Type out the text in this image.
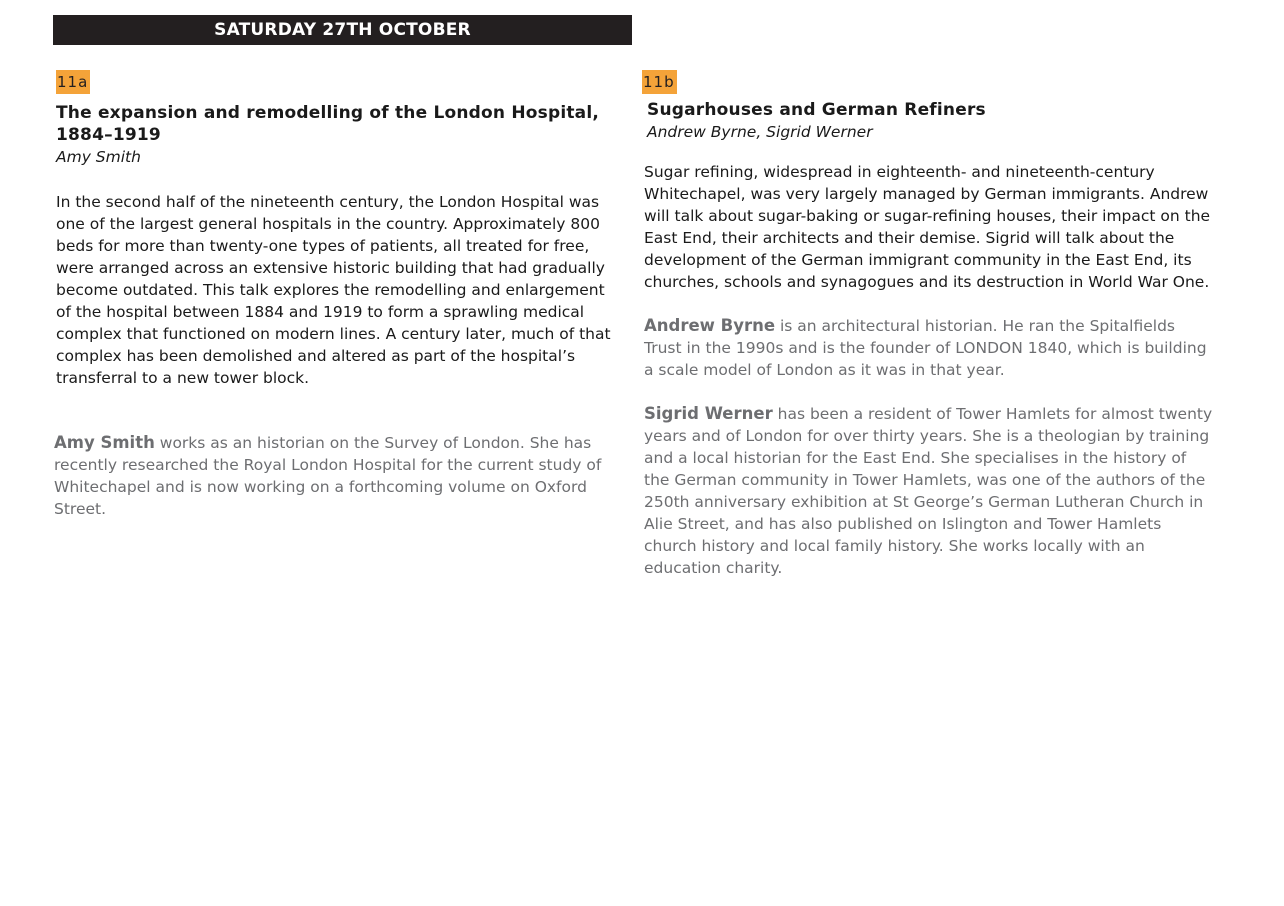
SATURDAY 27TH OCTOBER
11a
The expansion and remodelling of the London Hospital, 1884–1919

Amy Smith

In the second half of the nineteenth century, the London Hospital was one of the largest general hospitals in the country. Approximately 800 beds for more than twenty-one types of patients, all treated for free, were arranged across an extensive historic building that had gradually become outdated. This talk explores the remodelling and enlargement of the hospital between 1884 and 1919 to form a sprawling medical complex that functioned on modern lines. A century later, much of that complex has been demolished and altered as part of the hospital’s transferral to a new tower block.

Amy Smith works as an historian on the Survey of London. She has recently researched the Royal London Hospital for the current study of Whitechapel and is now working on a forthcoming volume on Oxford Street.

11b
Sugarhouses and German Refiners

Andrew Byrne, Sigrid Werner

Sugar refining, widespread in eighteenth- and nineteenth-century Whitechapel, was very largely managed by German immigrants. Andrew will talk about sugar-baking or sugar-refining houses, their impact on the East End, their architects and their demise. Sigrid will talk about the development of the German immigrant community in the East End, its churches, schools and synagogues and its destruction in World War One.

Andrew Byrne is an architectural historian. He ran the Spitalfields Trust in the 1990s and is the founder of LONDON 1840, which is building a scale model of London as it was in that year.

Sigrid Werner has been a resident of Tower Hamlets for almost twenty years and of London for over thirty years. She is a theologian by training and a local historian for the East End. She specialises in the history of the German community in Tower Hamlets, was one of the authors of the 250th anniversary exhibition at St George’s German Lutheran Church in Alie Street, and has also published on Islington and Tower Hamlets church history and local family history. She works locally with an education charity.
